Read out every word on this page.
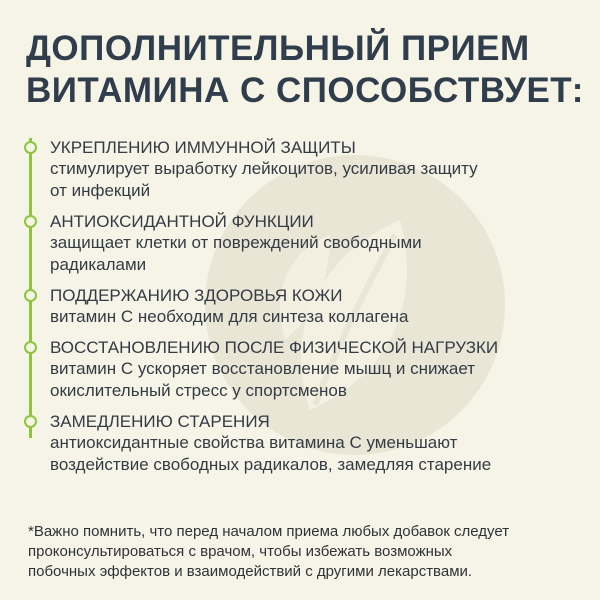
ДОПОЛНИТЕЛЬНЫЙ ПРИЕМ
ВИТАМИНА С СПОСОБСТВУЕТ:
УКРЕПЛЕНИЮ ИММУННОЙ ЗАЩИТЫ
стимулирует выработку лейкоцитов, усиливая защиту
от инфекций
АНТИОКСИДАНТНОЙ ФУНКЦИИ
защищает клетки от повреждений свободными
радикалами
ПОДДЕРЖАНИЮ ЗДОРОВЬЯ КОЖИ
витамин С необходим для синтеза коллагена
ВОССТАНОВЛЕНИЮ ПОСЛЕ ФИЗИЧЕСКОЙ НАГРУЗКИ
витамин С ускоряет восстановление мышц и снижает
окислительный стресс у спортсменов
ЗАМЕДЛЕНИЮ СТАРЕНИЯ
антиоксидантные свойства витамина С уменьшают
воздействие свободных радикалов, замедляя старение
*Важно помнить, что перед началом приема любых добавок следует
проконсультироваться с врачом, чтобы избежать возможных
побочных эффектов и взаимодействий с другими лекарствами.
